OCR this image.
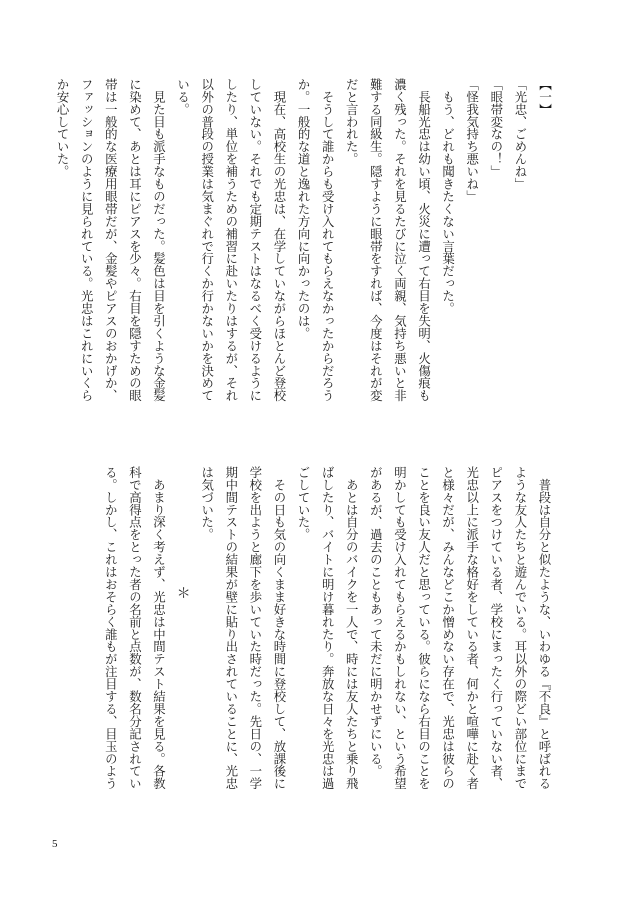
【一】
「光忠、ごめんね」
「眼帯変なの！」
「怪我気持ち悪いね」
　もう、どれも聞きたくない言葉だった。
　長船光忠は幼い頃、火災に遭って右目を失明、火傷痕も
濃く残った。それを見るたびに泣く両親、気持ち悪いと非
難する同級生。隠すように眼帯をすれば、今度はそれが変
だと言われた。
　そうして誰からも受け入れてもらえなかったからだろう
か。一般的な道と逸れた方向に向かったのは。
　現在、高校生の光忠は、在学していながらほとんど登校
していない。それでも定期テストはなるべく受けるように
したり、単位を補うための補習に赴いたりはするが、それ
以外の普段の授業は気まぐれで行くか行かないかを決めて
いる。
　見た目も派手なものだった。髪色は目を引くような金髪
に染めて、あとは耳にピアスを少々。右目を隠すための眼
帯は一般的な医療用眼帯だが、金髪やピアスのおかげか、
ファッションのように見られている。光忠はこれにいくら
か安心していた。
　普段は自分と似たような、いわゆる『不良』と呼ばれる
ような友人たちと遊んでいる。耳以外の際どい部位にまで
ピアスをつけている者、学校にまったく行っていない者、
光忠以上に派手な格好をしている者、何かと喧嘩に赴く者
と様々だが、みんなどこか憎めない存在で、光忠は彼らの
ことを良い友人だと思っている。彼らになら右目のことを
明かしても受け入れてもらえるかもしれない、という希望
があるが、過去のこともあって未だに明かせずにいる。
　あとは自分のバイクを一人で、時には友人たちと乗り飛
ばしたり、バイトに明け暮れたり。奔放な日々を光忠は過
ごしていた。
　その日も気の向くまま好きな時間に登校して、放課後に
学校を出ようと廊下を歩いていた時だった。先日の、一学
期中間テストの結果が壁に貼り出されていることに、光忠
は気づいた。
＊
　あまり深く考えず、光忠は中間テスト結果を見る。各教
科で高得点をとった者の名前と点数が、数名分記されてい
る。しかし、これはおそらく誰もが注目する、目玉のよう
5
